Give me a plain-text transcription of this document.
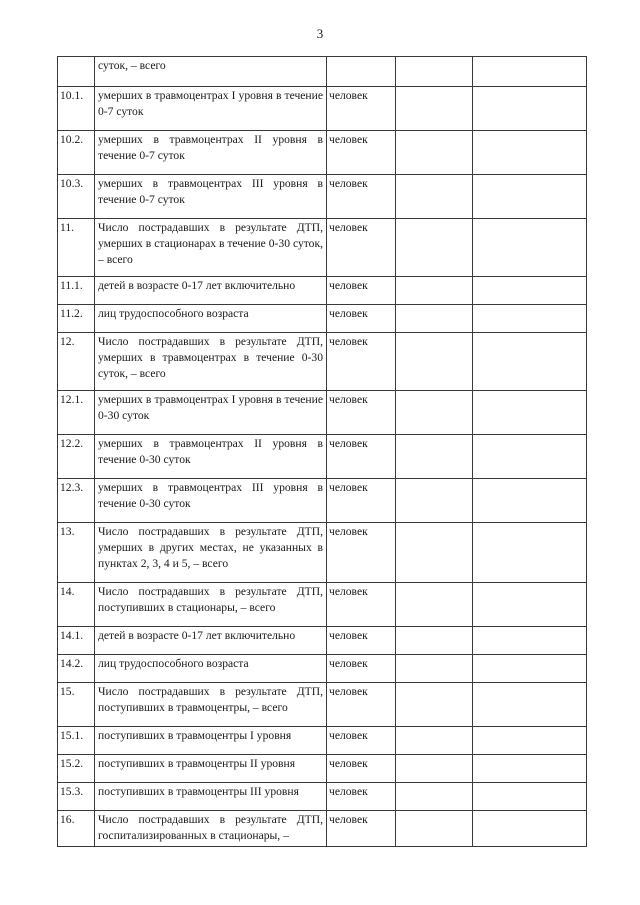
3
	суток, – всего			
10.1.	умерших в травмоцентрах I уровня в течение 0-7 суток	человек		
10.2.	умерших в травмоцентрах II уровня в течение 0-7 суток	человек		
10.3.	умерших в травмоцентрах III уровня в течение 0-7 суток	человек		
11.	Число пострадавших в результате ДТП, умерших в стационарах в течение 0-30 суток, – всего	человек		
11.1.	детей в возрасте 0-17 лет включительно	человек		
11.2.	лиц трудоспособного возраста	человек		
12.	Число пострадавших в результате ДТП, умерших в травмоцентрах в течение 0-30 суток, – всего	человек		
12.1.	умерших в травмоцентрах I уровня в течение 0-30 суток	человек		
12.2.	умерших в травмоцентрах II уровня в течение 0-30 суток	человек		
12.3.	умерших в травмоцентрах III уровня в течение 0-30 суток	человек		
13.	Число пострадавших в результате ДТП, умерших в других местах, не указанных в пунктах 2, 3, 4 и 5, – всего	человек		
14.	Число пострадавших в результате ДТП, поступивших в стационары, – всего	человек		
14.1.	детей в возрасте 0-17 лет включительно	человек		
14.2.	лиц трудоспособного возраста	человек		
15.	Число пострадавших в результате ДТП, поступивших в травмоцентры, – всего	человек		
15.1.	поступивших в травмоцентры I уровня	человек		
15.2.	поступивших в травмоцентры II уровня	человек		
15.3.	поступивших в травмоцентры III уровня	человек		
16.	Число пострадавших в результате ДТП, госпитализированных в стационары, –	человек		
